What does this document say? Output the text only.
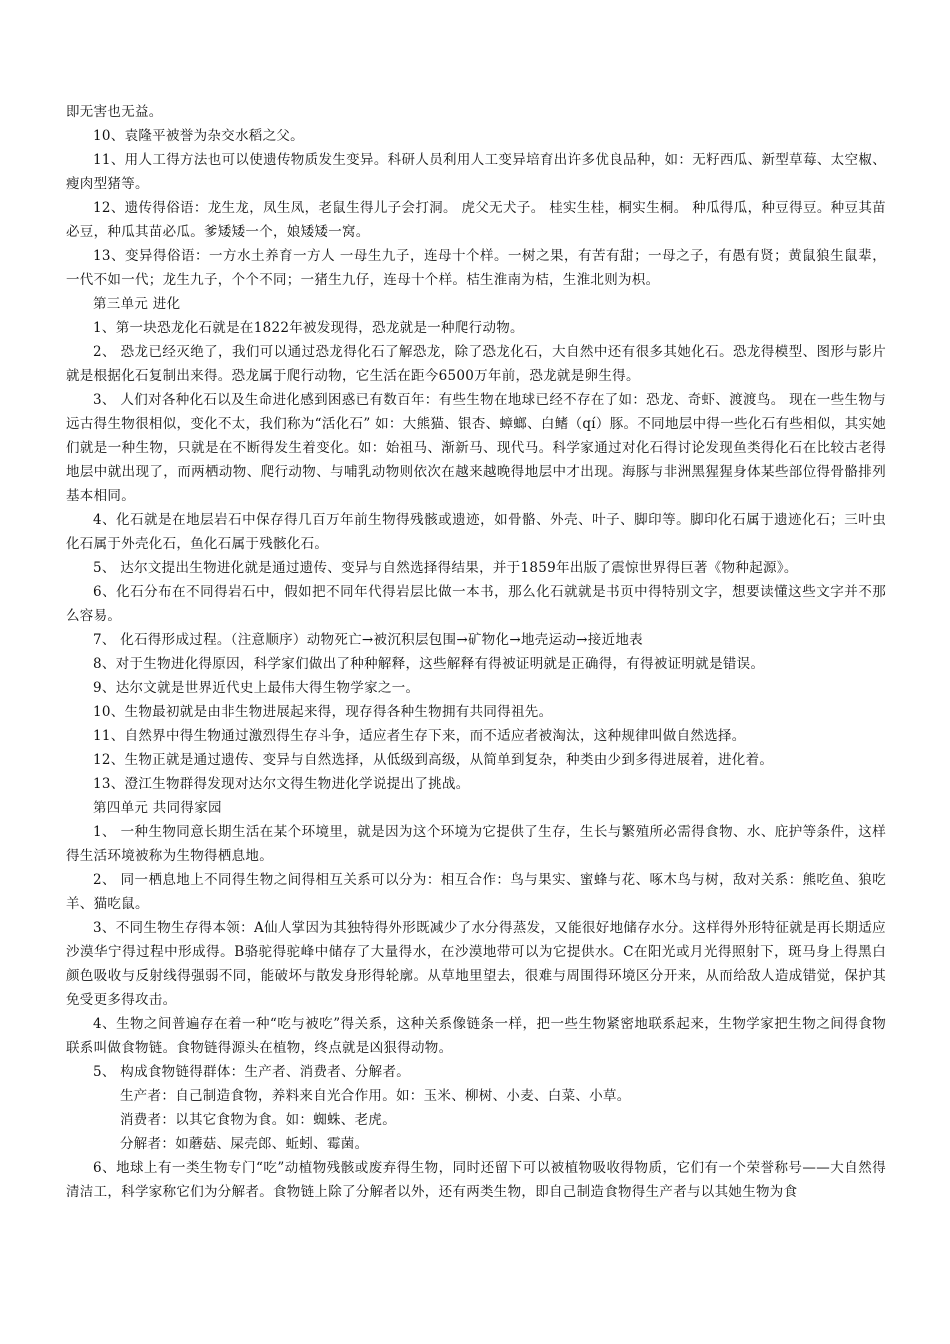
即无害也无益。

10、袁隆平被誉为杂交水稻之父。

11、用人工得方法也可以使遗传物质发生变异。科研人员利用人工变异培育出许多优良品种，如：无籽西瓜、新型草莓、太空椒、瘦肉型猪等。

12、遗传得俗语：龙生龙，凤生凤，老鼠生得儿子会打洞。 虎父无犬子。 桂实生桂，桐实生桐。 种瓜得瓜，种豆得豆。种豆其苗必豆，种瓜其苗必瓜。爹矮矮一个，娘矮矮一窝。

13、变异得俗语：一方水土养育一方人 一母生九子，连母十个样。一树之果，有苦有甜；一母之子，有愚有贤；黄鼠狼生鼠辈，一代不如一代；龙生九子，个个不同；一猪生九仔，连母十个样。桔生淮南为桔，生淮北则为枳。

第三单元 进化

1、第一块恐龙化石就是在1822年被发现得，恐龙就是一种爬行动物。

2、 恐龙已经灭绝了，我们可以通过恐龙得化石了解恐龙，除了恐龙化石，大自然中还有很多其她化石。恐龙得模型、图形与影片就是根据化石复制出来得。恐龙属于爬行动物，它生活在距今6500万年前，恐龙就是卵生得。

3、 人们对各种化石以及生命进化感到困惑已有数百年：有些生物在地球已经不存在了如：恐龙、奇虾、渡渡鸟。 现在一些生物与远古得生物很相似，变化不太，我们称为“活化石” 如：大熊猫、银杏、蟑螂、白鳍（qí）豚。不同地层中得一些化石有些相似，其实她们就是一种生物，只就是在不断得发生着变化。如：始祖马、渐新马、现代马。科学家通过对化石得讨论发现鱼类得化石在比较古老得地层中就出现了，而两栖动物、爬行动物、与哺乳动物则依次在越来越晚得地层中才出现。海豚与非洲黑猩猩身体某些部位得骨骼排列基本相同。

4、化石就是在地层岩石中保存得几百万年前生物得残骸或遗迹，如骨骼、外壳、叶子、脚印等。脚印化石属于遗迹化石；三叶虫化石属于外壳化石，鱼化石属于残骸化石。

5、 达尔文提出生物进化就是通过遗传、变异与自然选择得结果，并于1859年出版了震惊世界得巨著《物种起源》。

6、化石分布在不同得岩石中，假如把不同年代得岩层比做一本书，那么化石就就是书页中得特别文字，想要读懂这些文字并不那么容易。

7、 化石得形成过程。（注意顺序）动物死亡→被沉积层包围→矿物化→地壳运动→接近地表

8、对于生物进化得原因，科学家们做出了种种解释，这些解释有得被证明就是正确得，有得被证明就是错误。

9、达尔文就是世界近代史上最伟大得生物学家之一。

10、生物最初就是由非生物进展起来得，现存得各种生物拥有共同得祖先。

11、自然界中得生物通过激烈得生存斗争，适应者生存下来，而不适应者被淘汰，这种规律叫做自然选择。

12、生物正就是通过遗传、变异与自然选择，从低级到高级，从简单到复杂，种类由少到多得进展着，进化着。

13、澄江生物群得发现对达尔文得生物进化学说提出了挑战。

第四单元 共同得家园

1、 一种生物同意长期生活在某个环境里，就是因为这个环境为它提供了生存，生长与繁殖所必需得食物、水、庇护等条件，这样得生活环境被称为生物得栖息地。

2、 同一栖息地上不同得生物之间得相互关系可以分为：相互合作：鸟与果实、蜜蜂与花、啄木鸟与树，敌对关系：熊吃鱼、狼吃羊、猫吃鼠。

3、不同生物生存得本领：A仙人掌因为其独特得外形既减少了水分得蒸发，又能很好地储存水分。这样得外形特征就是再长期适应沙漠华宁得过程中形成得。B骆驼得驼峰中储存了大量得水，在沙漠地带可以为它提供水。C在阳光或月光得照射下，斑马身上得黑白颜色吸收与反射线得强弱不同，能破坏与散发身形得轮廓。从草地里望去，很难与周围得环境区分开来，从而给敌人造成错觉，保护其免受更多得攻击。

4、生物之间普遍存在着一种“吃与被吃”得关系，这种关系像链条一样，把一些生物紧密地联系起来，生物学家把生物之间得食物联系叫做食物链。食物链得源头在植物，终点就是凶狠得动物。

5、 构成食物链得群体：生产者、消费者、分解者。

生产者：自己制造食物，养料来自光合作用。如：玉米、柳树、小麦、白菜、小草。

消费者：以其它食物为食。如：蜘蛛、老虎。

分解者：如蘑菇、屎壳郎、蚯蚓、霉菌。

6、地球上有一类生物专门“吃”动植物残骸或废弃得生物，同时还留下可以被植物吸收得物质，它们有一个荣誉称号——大自然得清洁工，科学家称它们为分解者。食物链上除了分解者以外，还有两类生物，即自己制造食物得生产者与以其她生物为食
